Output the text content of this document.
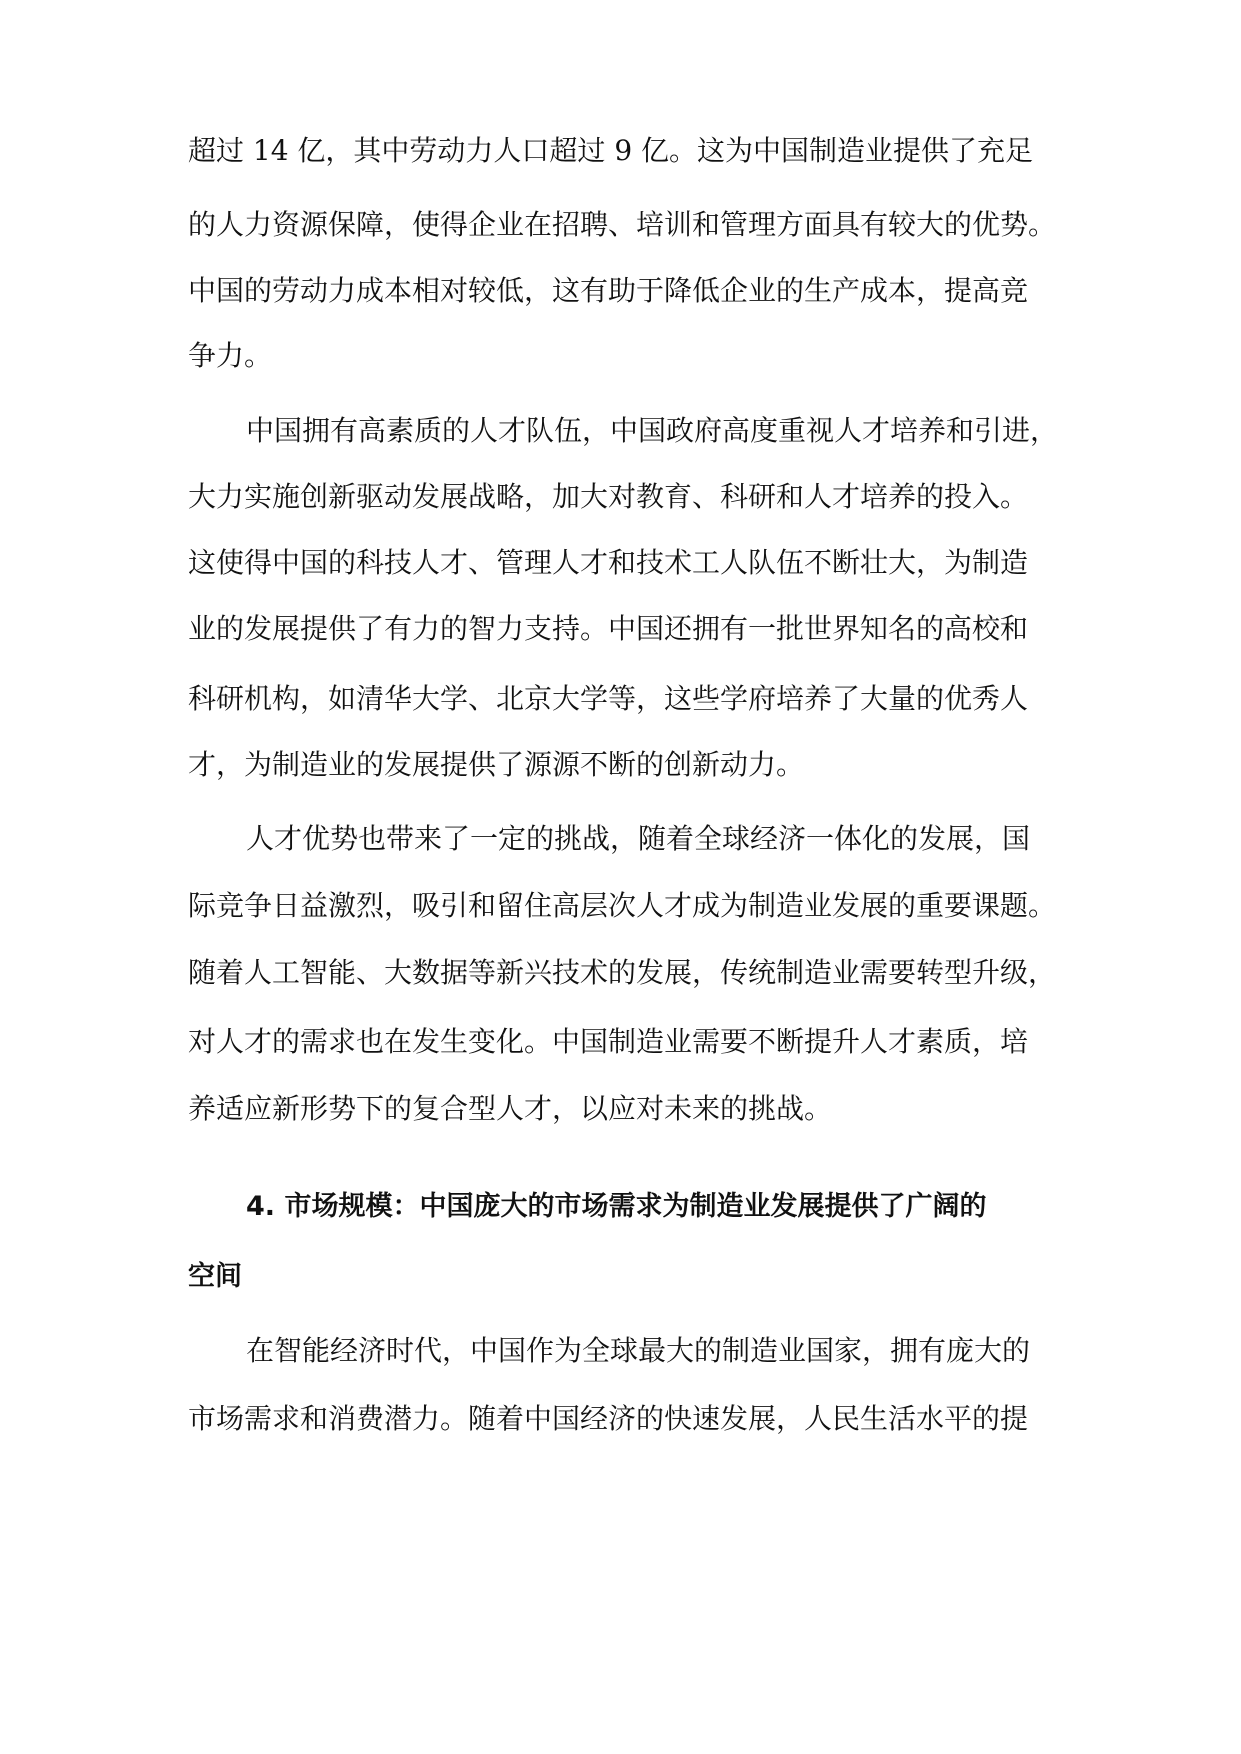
超过 14 亿，其中劳动力人口超过 9 亿。这为中国制造业提供了充足
的人力资源保障，使得企业在招聘、培训和管理方面具有较大的优势。
中国的劳动力成本相对较低，这有助于降低企业的生产成本，提高竞
争力。
中国拥有高素质的人才队伍，中国政府高度重视人才培养和引进，
大力实施创新驱动发展战略，加大对教育、科研和人才培养的投入。
这使得中国的科技人才、管理人才和技术工人队伍不断壮大，为制造
业的发展提供了有力的智力支持。中国还拥有一批世界知名的高校和
科研机构，如清华大学、北京大学等，这些学府培养了大量的优秀人
才，为制造业的发展提供了源源不断的创新动力。
人才优势也带来了一定的挑战，随着全球经济一体化的发展，国
际竞争日益激烈，吸引和留住高层次人才成为制造业发展的重要课题。
随着人工智能、大数据等新兴技术的发展，传统制造业需要转型升级，
对人才的需求也在发生变化。中国制造业需要不断提升人才素质，培
养适应新形势下的复合型人才，以应对未来的挑战。
4. 市场规模：中国庞大的市场需求为制造业发展提供了广阔的
空间
在智能经济时代，中国作为全球最大的制造业国家，拥有庞大的
市场需求和消费潜力。随着中国经济的快速发展，人民生活水平的提
